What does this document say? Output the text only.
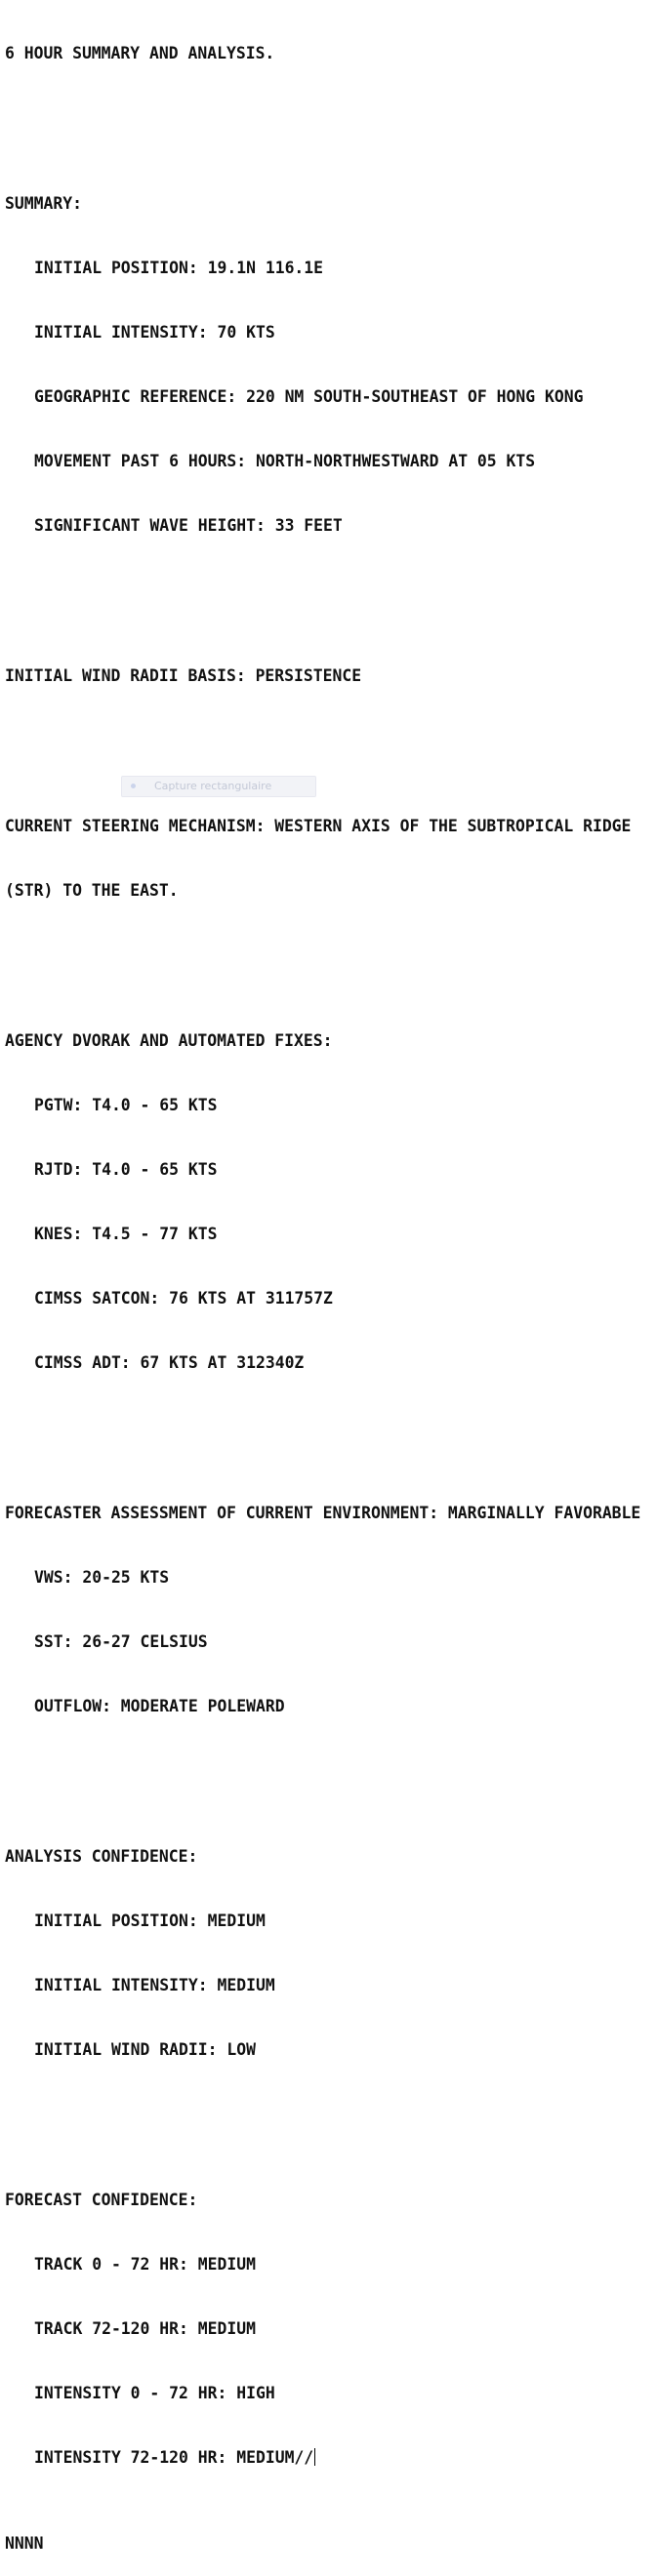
6 HOUR SUMMARY AND ANALYSIS.

SUMMARY:

INITIAL POSITION: 19.1N 116.1E

INITIAL INTENSITY: 70 KTS

GEOGRAPHIC REFERENCE: 220 NM SOUTH-SOUTHEAST OF HONG KONG

MOVEMENT PAST 6 HOURS: NORTH-NORTHWESTWARD AT 05 KTS

SIGNIFICANT WAVE HEIGHT: 33 FEET

INITIAL WIND RADII BASIS: PERSISTENCE

CURRENT STEERING MECHANISM: WESTERN AXIS OF THE SUBTROPICAL RIDGE

(STR) TO THE EAST.

AGENCY DVORAK AND AUTOMATED FIXES:

PGTW: T4.0 - 65 KTS

RJTD: T4.0 - 65 KTS

KNES: T4.5 - 77 KTS

CIMSS SATCON: 76 KTS AT 311757Z

CIMSS ADT: 67 KTS AT 312340Z

FORECASTER ASSESSMENT OF CURRENT ENVIRONMENT: MARGINALLY FAVORABLE

VWS: 20-25 KTS

SST: 26-27 CELSIUS

OUTFLOW: MODERATE POLEWARD

ANALYSIS CONFIDENCE:

INITIAL POSITION: MEDIUM

INITIAL INTENSITY: MEDIUM

INITIAL WIND RADII: LOW

FORECAST CONFIDENCE:

TRACK 0 - 72 HR: MEDIUM

TRACK 72-120 HR: MEDIUM

INTENSITY 0 - 72 HR: HIGH

INTENSITY 72-120 HR: MEDIUM//

NNNN

Capture rectangulaire
